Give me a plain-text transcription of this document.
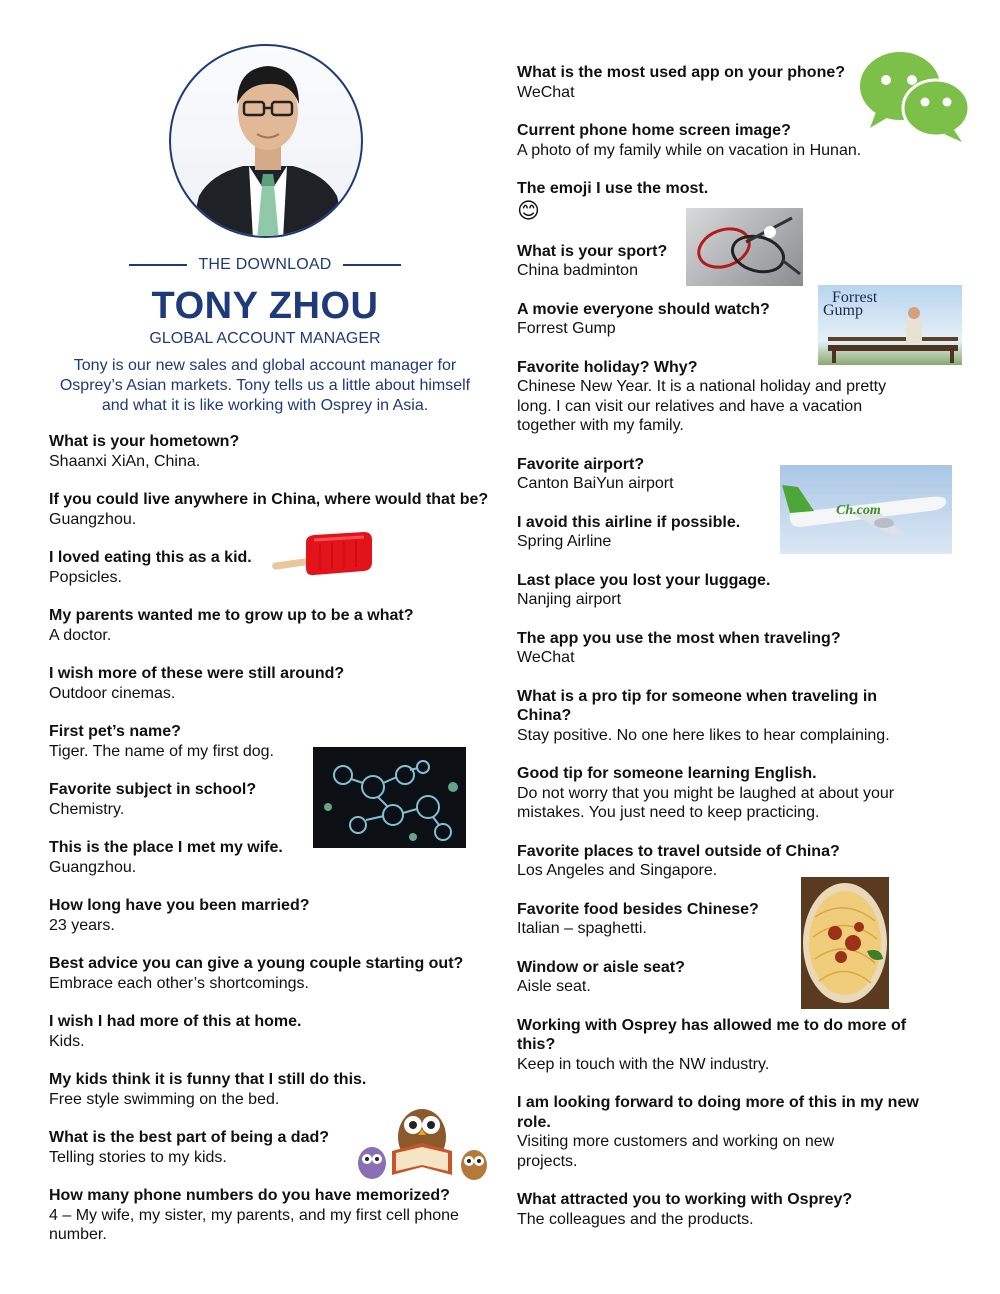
THE DOWNLOAD
TONY ZHOU
GLOBAL ACCOUNT MANAGER
Tony is our new sales and global account manager for Osprey’s Asian markets. Tony tells us a little about himself and what it is like working with Osprey in Asia.
What is your hometown?
Shaanxi XiAn, China.
If you could live anywhere in China, where would that be?
Guangzhou.
I loved eating this as a kid.
Popsicles.
My parents wanted me to grow up to be a what?
A doctor.
I wish more of these were still around?
Outdoor cinemas.
First pet’s name?
Tiger. The name of my first dog.
Favorite subject in school?
Chemistry.
This is the place I met my wife.
Guangzhou.
How long have you been married?
23 years.
Best advice you can give a young couple starting out?
Embrace each other’s shortcomings.
I wish I had more of this at home.
Kids.
My kids think it is funny that I still do this.
Free style swimming on the bed.
What is the best part of being a dad?
Telling stories to my kids.
How many phone numbers do you have memorized?
4 – My wife, my sister, my parents, and my first cell phone number.
What is the most used app on your phone?
WeChat
Current phone home screen image?
A photo of my family while on vacation in Hunan.
The emoji I use the most.
😊
What is your sport?
China badminton
A movie everyone should watch?
Forrest Gump
Favorite holiday? Why?
Chinese New Year. It is a national holiday and pretty long. I can visit our relatives and have a vacation together with my family.
Favorite airport?
Canton BaiYun airport
I avoid this airline if possible.
Spring Airline
Last place you lost your luggage.
Nanjing airport
The app you use the most when traveling?
WeChat
What is a pro tip for someone when traveling in China?
Stay positive. No one here likes to hear complaining.
Good tip for someone learning English.
Do not worry that you might be laughed at about your mistakes. You just need to keep practicing.
Favorite places to travel outside of China?
Los Angeles and Singapore.
Favorite food besides Chinese?
Italian – spaghetti.
Window or aisle seat?
Aisle seat.
Working with Osprey has allowed me to do more of this?
Keep in touch with the NW industry.
I am looking forward to doing more of this in my new role.
Visiting more customers and working on new projects.
What attracted you to working with Osprey?
The colleagues and the products.
Forrest
Gump
Ch.com
